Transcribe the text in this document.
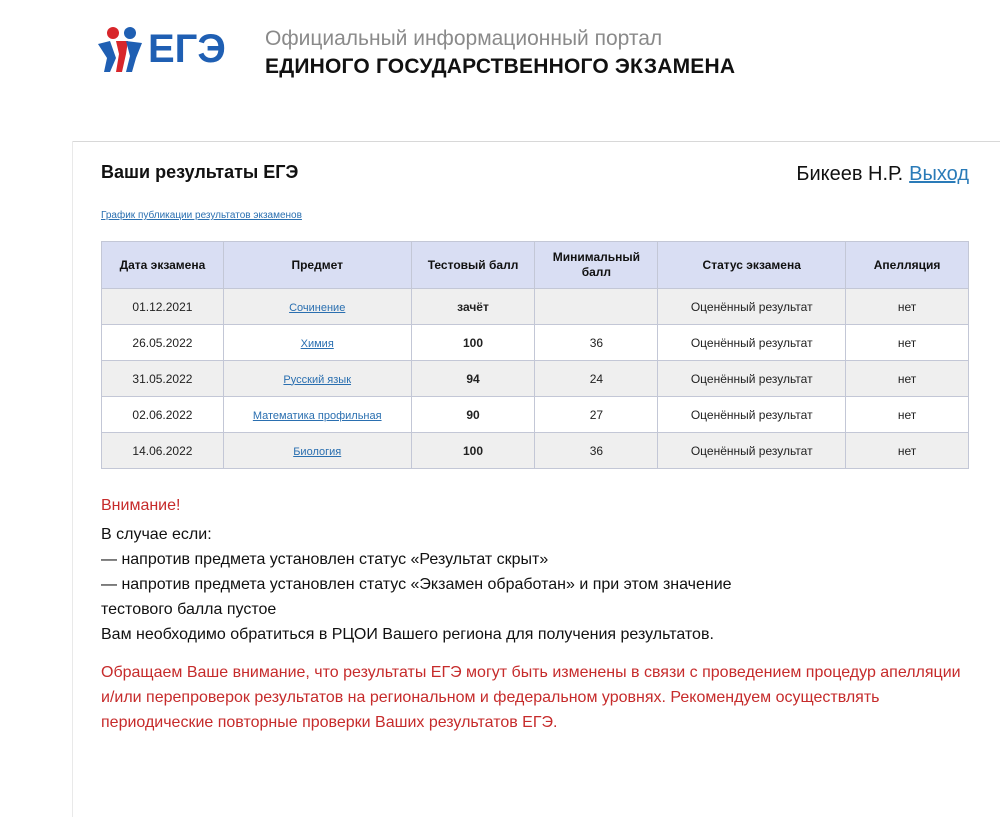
ЕГЭ Официальный информационный портал
ЕДИНОГО ГОСУДАРСТВЕННОГО ЭКЗАМЕНА
Ваши результаты ЕГЭ	Бикеев Н.Р. Выход
График публикации результатов экзаменов
Дата экзамена	Предмет	Тестовый балл	Минимальный балл	Статус экзамена	Апелляция
01.12.2021	Сочинение	зачёт		Оценённый результат	нет
26.05.2022	Химия	100	36	Оценённый результат	нет
31.05.2022	Русский язык	94	24	Оценённый результат	нет
02.06.2022	Математика профильная	90	27	Оценённый результат	нет
14.06.2022	Биология	100	36	Оценённый результат	нет
Внимание!
В случае если:
— напротив предмета установлен статус «Результат скрыт»
— напротив предмета установлен статус «Экзамен обработан» и при этом значение
тестового балла пустое
Вам необходимо обратиться в РЦОИ Вашего региона для получения результатов.
Обращаем Ваше внимание, что результаты ЕГЭ могут быть изменены в связи с проведением процедур апелляции и/или перепроверок результатов на региональном и федеральном уровнях. Рекомендуем осуществлять периодические повторные проверки Ваших результатов ЕГЭ.
